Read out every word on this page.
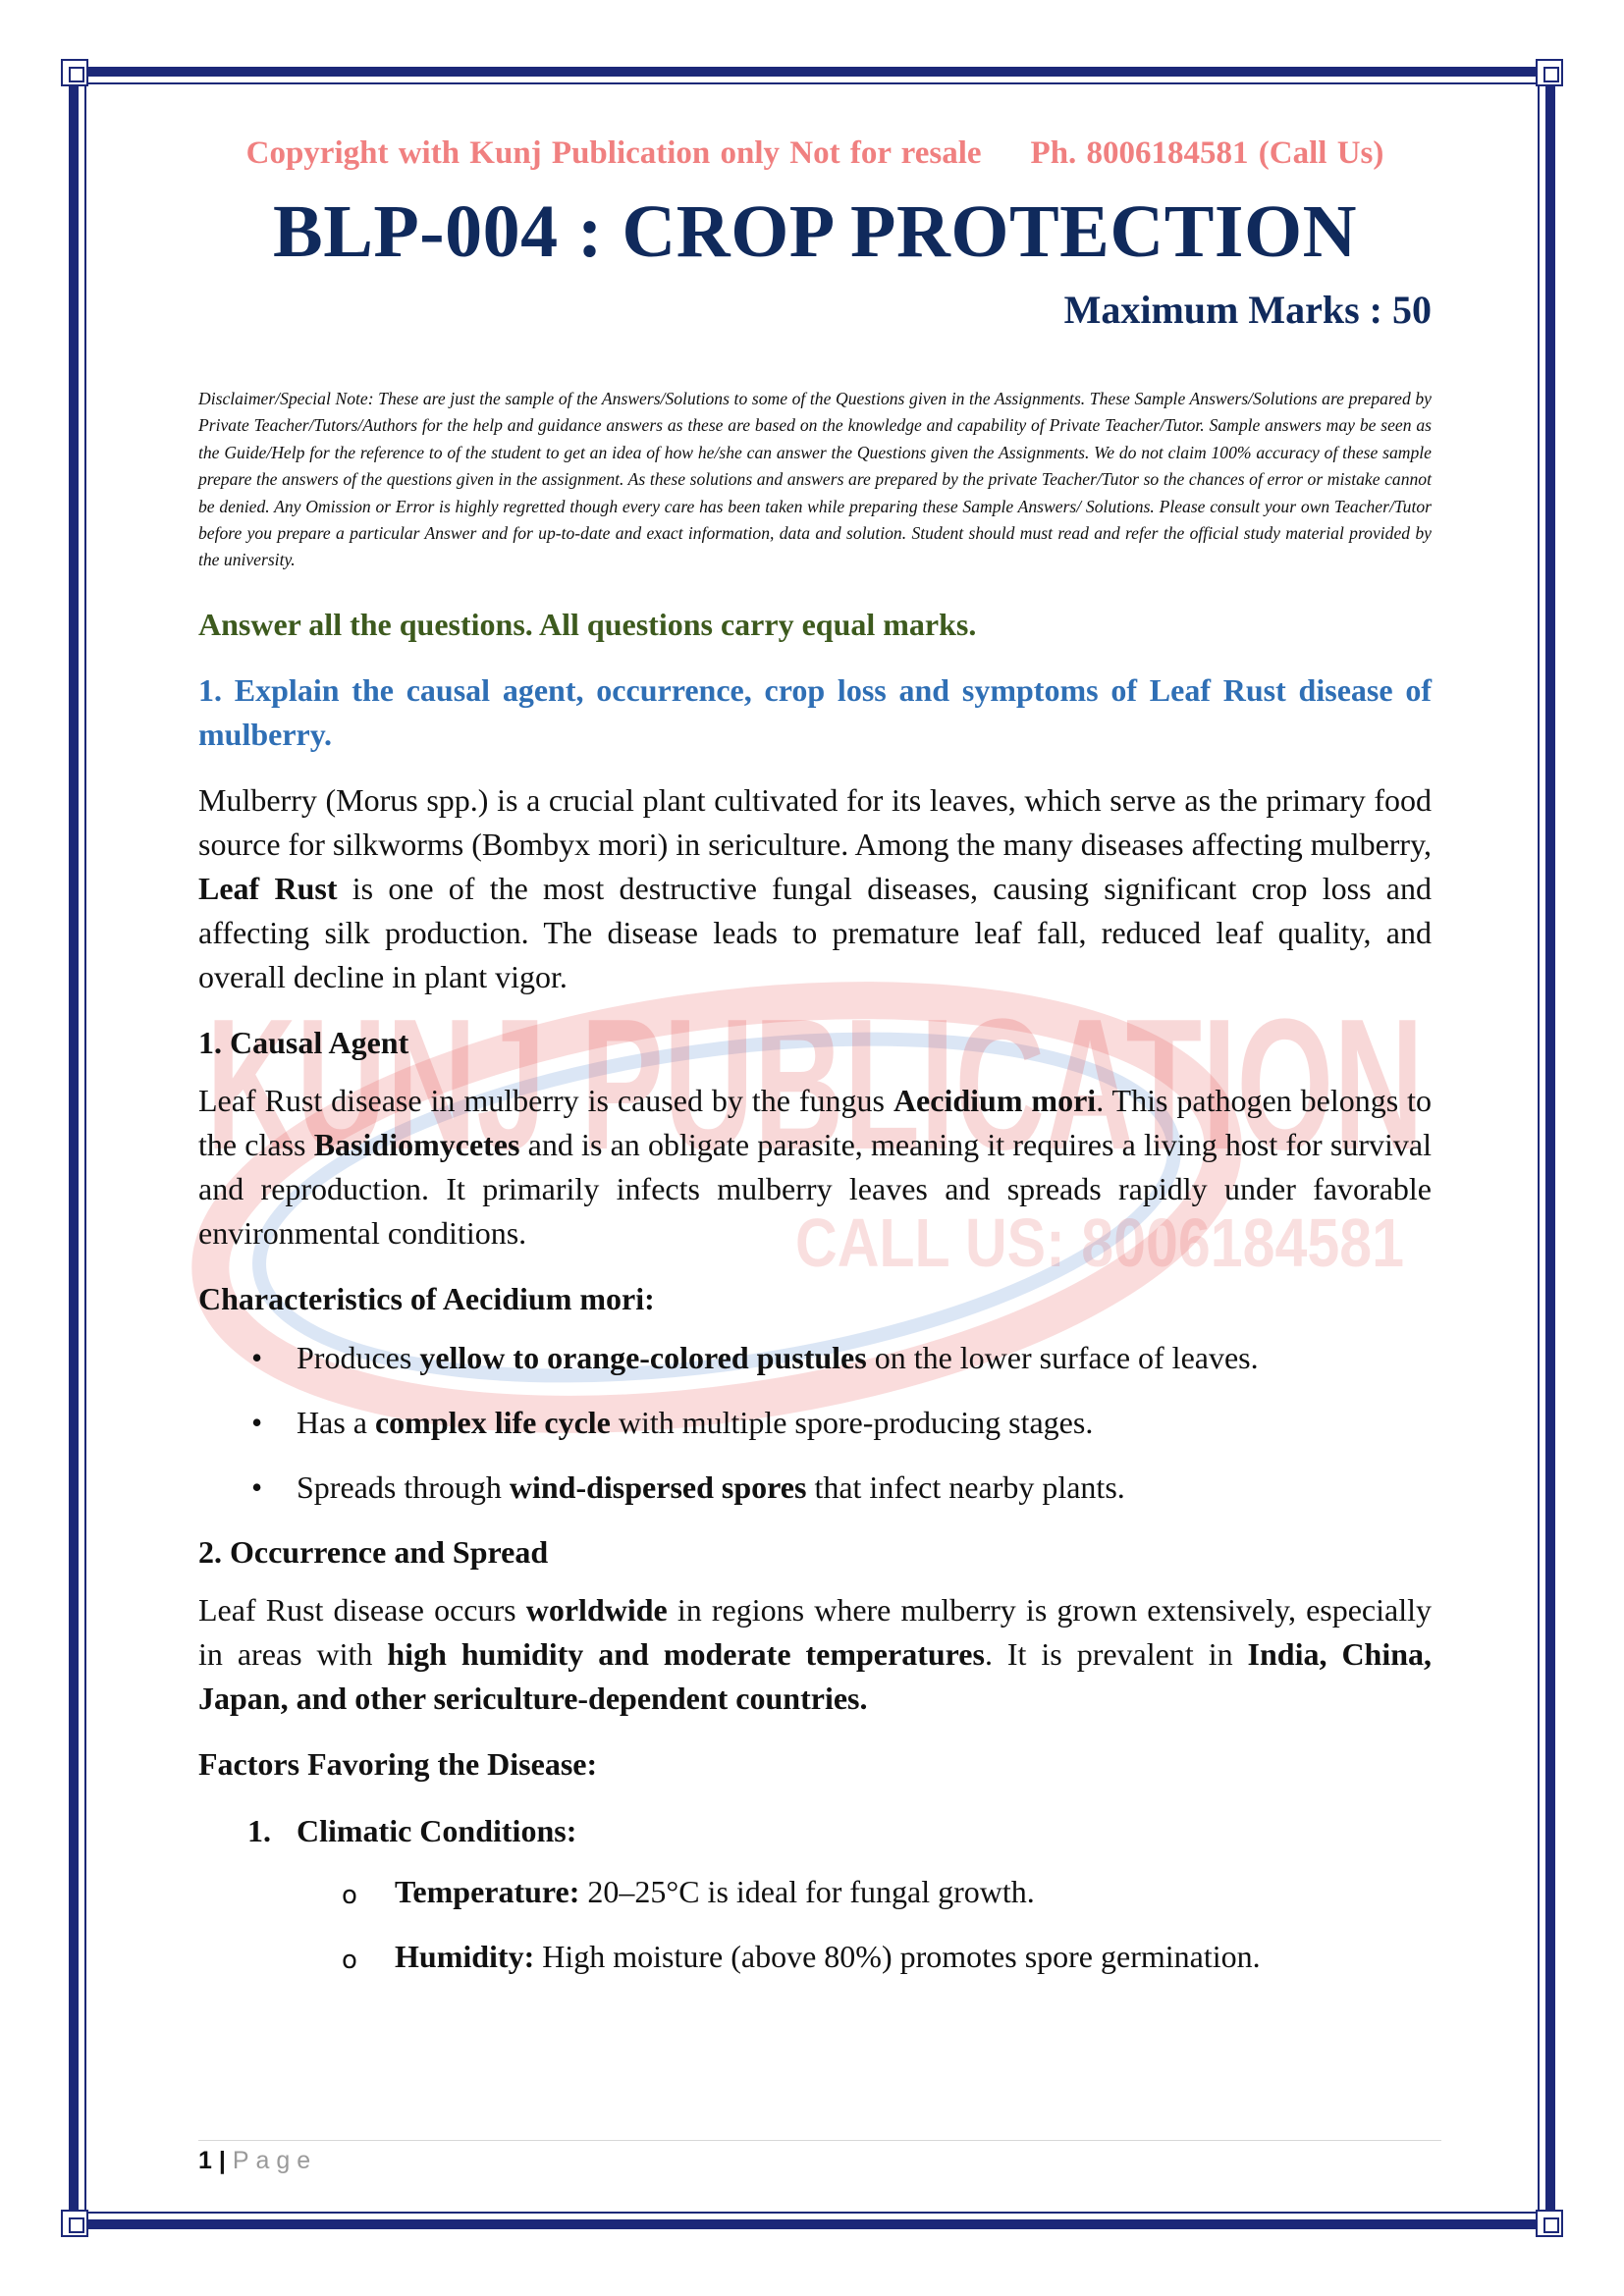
KUNJ PUBLICATION
CALL US: 8006184581
Copyright with Kunj Publication only Not for resale Ph. 8006184581 (Call Us)
BLP-004 : CROP PROTECTION
Maximum Marks : 50
Disclaimer/Special Note: These are just the sample of the Answers/Solutions to some of the Questions given in the Assignments. These Sample Answers/Solutions are prepared by Private Teacher/Tutors/Authors for the help and guidance answers as these are based on the knowledge and capability of Private Teacher/Tutor. Sample answers may be seen as the Guide/Help for the reference to of the student to get an idea of how he/she can answer the Questions given the Assignments. We do not claim 100% accuracy of these sample prepare the answers of the questions given in the assignment. As these solutions and answers are prepared by the private Teacher/Tutor so the chances of error or mistake cannot be denied. Any Omission or Error is highly regretted though every care has been taken while preparing these Sample Answers/ Solutions. Please consult your own Teacher/Tutor before you prepare a particular Answer and for up-to-date and exact information, data and solution. Student should must read and refer the official study material provided by the university.
Answer all the questions. All questions carry equal marks.
1. Explain the causal agent, occurrence, crop loss and symptoms of Leaf Rust disease of mulberry.

Mulberry (Morus spp.) is a crucial plant cultivated for its leaves, which serve as the primary food source for silkworms (Bombyx mori) in sericulture. Among the many diseases affecting mulberry, Leaf Rust is one of the most destructive fungal diseases, causing significant crop loss and affecting silk production. The disease leads to premature leaf fall, reduced leaf quality, and overall decline in plant vigor.

1. Causal Agent

Leaf Rust disease in mulberry is caused by the fungus Aecidium mori. This pathogen belongs to the class Basidiomycetes and is an obligate parasite, meaning it requires a living host for survival and reproduction. It primarily infects mulberry leaves and spreads rapidly under favorable environmental conditions.

Characteristics of Aecidium mori:
• Produces yellow to orange-colored pustules on the lower surface of leaves.
• Has a complex life cycle with multiple spore-producing stages.
• Spreads through wind-dispersed spores that infect nearby plants.
2. Occurrence and Spread

Leaf Rust disease occurs worldwide in regions where mulberry is grown extensively, especially in areas with high humidity and moderate temperatures. It is prevalent in India, China, Japan, and other sericulture-dependent countries.

Factors Favoring the Disease:
1. Climatic Conditions:
o Temperature: 20–25°C is ideal for fungal growth.
o Humidity: High moisture (above 80%) promotes spore germination.
1 | Page
